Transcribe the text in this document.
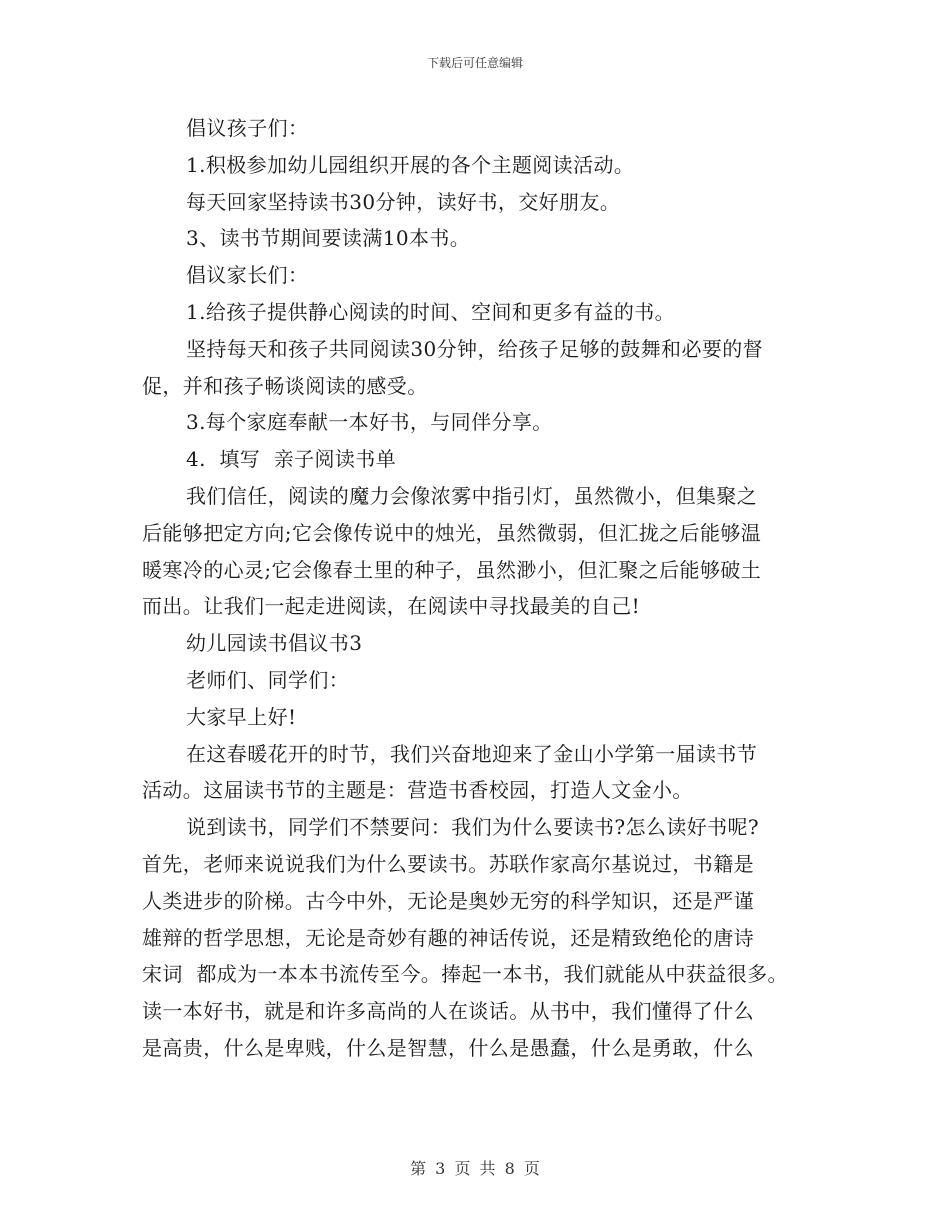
下载后可任意编辑
倡议孩子们：
1.积极参加幼儿园组织开展的各个主题阅读活动。
每天回家坚持读书30分钟，读好书，交好朋友。
3、读书节期间要读满10本书。
倡议家长们：
1.给孩子提供静心阅读的时间、空间和更多有益的书。
坚持每天和孩子共同阅读30分钟，给孩子足够的鼓舞和必要的督
促，并和孩子畅谈阅读的感受。
3.每个家庭奉献一本好书，与同伴分享。
4.  填写  亲子阅读书单
我们信任，阅读的魔力会像浓雾中指引灯，虽然微小，但集聚之
后能够把定方向;它会像传说中的烛光，虽然微弱，但汇拢之后能够温
暖寒冷的心灵;它会像春土里的种子，虽然渺小，但汇聚之后能够破土
而出。让我们一起走进阅读，在阅读中寻找最美的自己!
幼儿园读书倡议书3
老师们、同学们：
大家早上好!
在这春暖花开的时节，我们兴奋地迎来了金山小学第一届读书节
活动。这届读书节的主题是：营造书香校园，打造人文金小。
说到读书，同学们不禁要问：我们为什么要读书?怎么读好书呢?
首先，老师来说说我们为什么要读书。苏联作家高尔基说过，书籍是
人类进步的阶梯。古今中外，无论是奥妙无穷的科学知识，还是严谨
雄辩的哲学思想，无论是奇妙有趣的神话传说，还是精致绝伦的唐诗
宋词  都成为一本本书流传至今。捧起一本书，我们就能从中获益很多。
读一本好书，就是和许多高尚的人在谈话。从书中，我们懂得了什么
是高贵，什么是卑贱，什么是智慧，什么是愚蠢，什么是勇敢，什么
第 3 页 共 8 页
